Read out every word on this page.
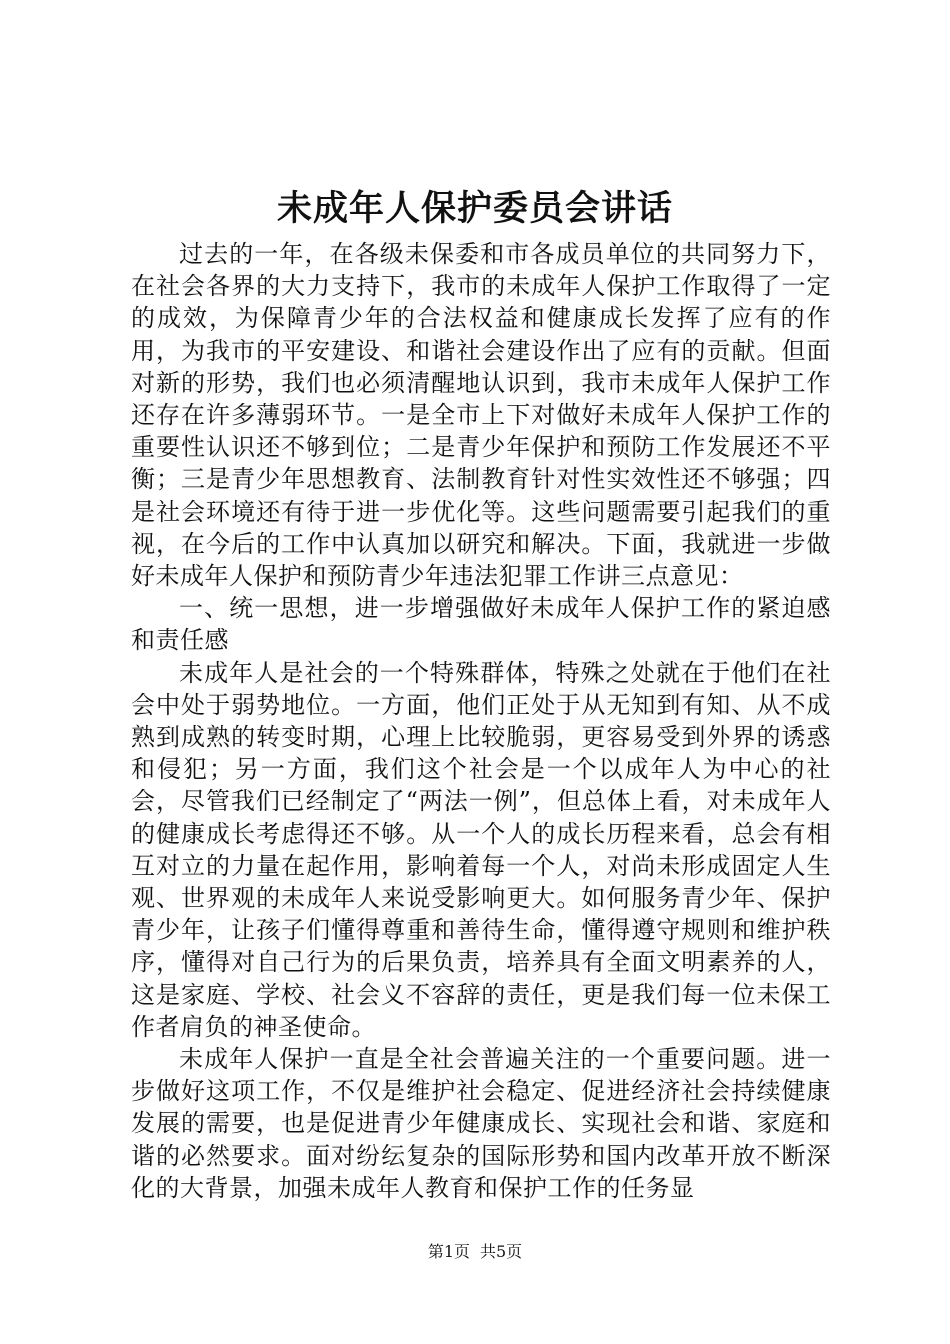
未成年人保护委员会讲话

过去的一年，在各级未保委和市各成员单位的共同努力下，在社会各界的大力支持下，我市的未成年人保护工作取得了一定的成效，为保障青少年的合法权益和健康成长发挥了应有的作用，为我市的平安建设、和谐社会建设作出了应有的贡献。但面对新的形势，我们也必须清醒地认识到，我市未成年人保护工作还存在许多薄弱环节。一是全市上下对做好未成年人保护工作的重要性认识还不够到位；二是青少年保护和预防工作发展还不平衡；三是青少年思想教育、法制教育针对性实效性还不够强；四是社会环境还有待于进一步优化等。这些问题需要引起我们的重视，在今后的工作中认真加以研究和解决。下面，我就进一步做好未成年人保护和预防青少年违法犯罪工作讲三点意见：

一、统一思想，进一步增强做好未成年人保护工作的紧迫感和责任感

未成年人是社会的一个特殊群体，特殊之处就在于他们在社会中处于弱势地位。一方面，他们正处于从无知到有知、从不成熟到成熟的转变时期，心理上比较脆弱，更容易受到外界的诱惑和侵犯；另一方面，我们这个社会是一个以成年人为中心的社会，尽管我们已经制定了“两法一例”，但总体上看，对未成年人的健康成长考虑得还不够。从一个人的成长历程来看，总会有相互对立的力量在起作用，影响着每一个人，对尚未形成固定人生观、世界观的未成年人来说受影响更大。如何服务青少年、保护青少年，让孩子们懂得尊重和善待生命，懂得遵守规则和维护秩序，懂得对自己行为的后果负责，培养具有全面文明素养的人，这是家庭、学校、社会义不容辞的责任，更是我们每一位未保工作者肩负的神圣使命。

未成年人保护一直是全社会普遍关注的一个重要问题。进一步做好这项工作，不仅是维护社会稳定、促进经济社会持续健康发展的需要，也是促进青少年健康成长、实现社会和谐、家庭和谐的必然要求。面对纷纭复杂的国际形势和国内改革开放不断深化的大背景，加强未成年人教育和保护工作的任务显

第1页 共5页
